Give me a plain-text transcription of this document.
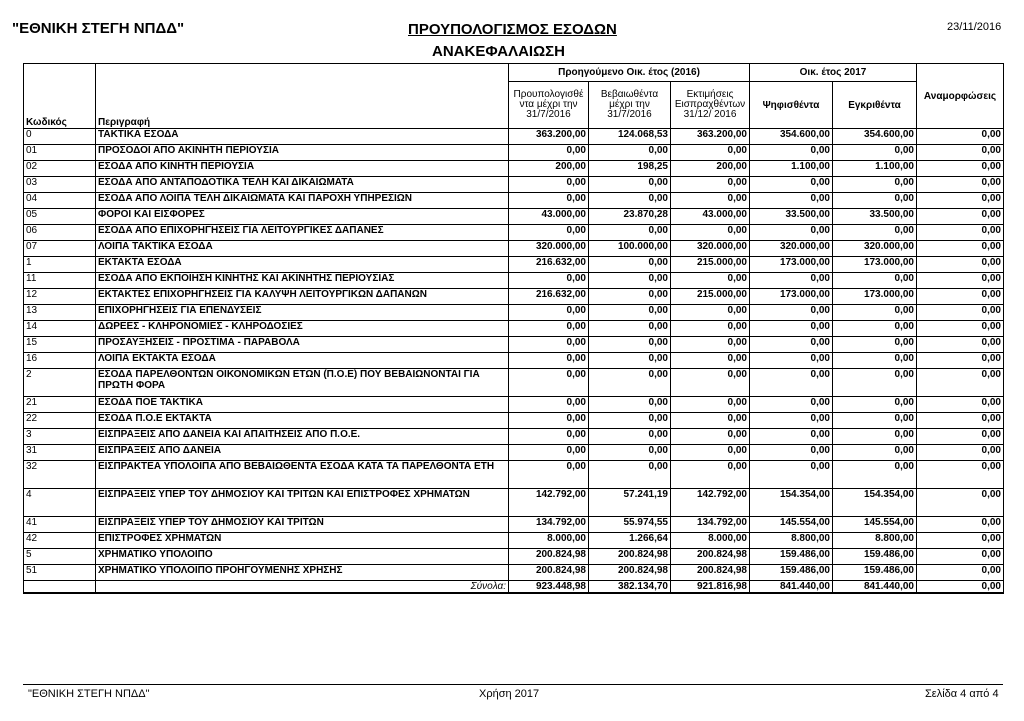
"ΕΘΝΙΚΗ ΣΤΕΓΗ ΝΠΔΔ"	ΠΡΟΥΠΟΛΟΓΙΣΜΟΣ ΕΣΟΔΩΝ
ΑΝΑΚΕΦΑΛΑΙΩΣΗ
23/11/2016
Κωδικός	Περιγραφή	Προηγούμενο Οικ. έτος (2016)			Οικ. έτος 2017		Αναμορφώσεις
		Προυπολογισθέ
ντα μέχρι την
31/7/2016	Βεβαιωθέντα
μέχρι την
31/7/2016	Εκτιμήσεις
Εισπραχθέντων
31/12/ 2016	Ψηφισθέντα	Εγκριθέντα	
0	ΤΑΚΤΙΚΑ ΕΣΟΔΑ	363.200,00	124.068,53	363.200,00	354.600,00	354.600,00	0,00
01	ΠΡΟΣΟΔΟΙ ΑΠΟ ΑΚΙΝΗΤΗ ΠΕΡΙΟΥΣΙΑ	0,00	0,00	0,00	0,00	0,00	0,00
02	ΕΣΟΔΑ ΑΠΟ ΚΙΝΗΤΗ ΠΕΡΙΟΥΣΙΑ	200,00	198,25	200,00	1.100,00	1.100,00	0,00
03	ΕΣΟΔΑ ΑΠΟ ΑΝΤΑΠΟΔΟΤΙΚΑ ΤΕΛΗ ΚΑΙ ΔΙΚΑΙΩΜΑΤΑ	0,00	0,00	0,00	0,00	0,00	0,00
04	ΕΣΟΔΑ ΑΠΟ ΛΟΙΠΑ ΤΕΛΗ ΔΙΚΑΙΩΜΑΤΑ ΚΑΙ ΠΑΡΟΧΗ ΥΠΗΡΕΣΙΩΝ	0,00	0,00	0,00	0,00	0,00	0,00
05	ΦΟΡΟΙ ΚΑΙ ΕΙΣΦΟΡΕΣ	43.000,00	23.870,28	43.000,00	33.500,00	33.500,00	0,00
06	ΕΣΟΔΑ ΑΠΟ ΕΠΙΧΟΡΗΓΗΣΕΙΣ ΓΙΑ ΛΕΙΤΟΥΡΓΙΚΕΣ ΔΑΠΑΝΕΣ	0,00	0,00	0,00	0,00	0,00	0,00
07	ΛΟΙΠΑ ΤΑΚΤΙΚΑ ΕΣΟΔΑ	320.000,00	100.000,00	320.000,00	320.000,00	320.000,00	0,00
1	ΕΚΤΑΚΤΑ ΕΣΟΔΑ	216.632,00	0,00	215.000,00	173.000,00	173.000,00	0,00
11	ΕΣΟΔΑ ΑΠΟ ΕΚΠΟΙΗΣΗ ΚΙΝΗΤΗΣ ΚΑΙ ΑΚΙΝΗΤΗΣ ΠΕΡΙΟΥΣΙΑΣ	0,00	0,00	0,00	0,00	0,00	0,00
12	ΕΚΤΑΚΤΕΣ ΕΠΙΧΟΡΗΓΗΣΕΙΣ ΓΙΑ ΚΑΛΥΨΗ ΛΕΙΤΟΥΡΓΙΚΩΝ ΔΑΠΑΝΩΝ	216.632,00	0,00	215.000,00	173.000,00	173.000,00	0,00
13	ΕΠΙΧΟΡΗΓΗΣΕΙΣ ΓΙΑ ΕΠΕΝΔΥΣΕΙΣ	0,00	0,00	0,00	0,00	0,00	0,00
14	ΔΩΡΕΕΣ - ΚΛΗΡΟΝΟΜΙΕΣ - ΚΛΗΡΟΔΟΣΙΕΣ	0,00	0,00	0,00	0,00	0,00	0,00
15	ΠΡΟΣΑΥΞΗΣΕΙΣ - ΠΡΟΣΤΙΜΑ - ΠΑΡΑΒΟΛΑ	0,00	0,00	0,00	0,00	0,00	0,00
16	ΛΟΙΠΑ ΕΚΤΑΚΤΑ ΕΣΟΔΑ	0,00	0,00	0,00	0,00	0,00	0,00
2	ΕΣΟΔΑ ΠΑΡΕΛΘΟΝΤΩΝ ΟΙΚΟΝΟΜΙΚΩΝ ΕΤΩΝ (Π.Ο.Ε) ΠΟΥ ΒΕΒΑΙΩΝΟΝΤΑΙ ΓΙΑ ΠΡΩΤΗ ΦΟΡΑ	0,00	0,00	0,00	0,00	0,00	0,00
21	ΕΣΟΔΑ ΠΟΕ ΤΑΚΤΙΚΑ	0,00	0,00	0,00	0,00	0,00	0,00
22	ΕΣΟΔΑ Π.Ο.Ε ΕΚΤΑΚΤΑ	0,00	0,00	0,00	0,00	0,00	0,00
3	ΕΙΣΠΡΑΞΕΙΣ ΑΠΟ ΔΑΝΕΙΑ ΚΑΙ ΑΠΑΙΤΗΣΕΙΣ ΑΠΟ Π.Ο.Ε.	0,00	0,00	0,00	0,00	0,00	0,00
31	ΕΙΣΠΡΑΞΕΙΣ ΑΠΟ ΔΑΝΕΙΑ	0,00	0,00	0,00	0,00	0,00	0,00
32	ΕΙΣΠΡΑΚΤΕΑ ΥΠΟΛΟΙΠΑ ΑΠΟ ΒΕΒΑΙΩΘΕΝΤΑ ΕΣΟΔΑ ΚΑΤΑ ΤΑ ΠΑΡΕΛΘΟΝΤΑ ΕΤΗ	0,00	0,00	0,00	0,00	0,00	0,00
4	ΕΙΣΠΡΑΞΕΙΣ ΥΠΕΡ ΤΟΥ ΔΗΜΟΣΙΟΥ ΚΑΙ ΤΡΙΤΩΝ ΚΑΙ ΕΠΙΣΤΡΟΦΕΣ ΧΡΗΜΑΤΩΝ	142.792,00	57.241,19	142.792,00	154.354,00	154.354,00	0,00
41	ΕΙΣΠΡΑΞΕΙΣ ΥΠΕΡ ΤΟΥ ΔΗΜΟΣΙΟΥ ΚΑΙ ΤΡΙΤΩΝ	134.792,00	55.974,55	134.792,00	145.554,00	145.554,00	0,00
42	ΕΠΙΣΤΡΟΦΕΣ ΧΡΗΜΑΤΩΝ	8.000,00	1.266,64	8.000,00	8.800,00	8.800,00	0,00
5	ΧΡΗΜΑΤΙΚΟ ΥΠΟΛΟΙΠΟ	200.824,98	200.824,98	200.824,98	159.486,00	159.486,00	0,00
51	ΧΡΗΜΑΤΙΚΟ ΥΠΟΛΟΙΠΟ ΠΡΟΗΓΟΥΜΕΝΗΣ ΧΡΗΣΗΣ	200.824,98	200.824,98	200.824,98	159.486,00	159.486,00	0,00
	Σύνολα:	923.448,98	382.134,70	921.816,98	841.440,00	841.440,00	0,00
"ΕΘΝΙΚΗ ΣΤΕΓΗ ΝΠΔΔ"	Χρήση 2017	Σελίδα 4 από 4
